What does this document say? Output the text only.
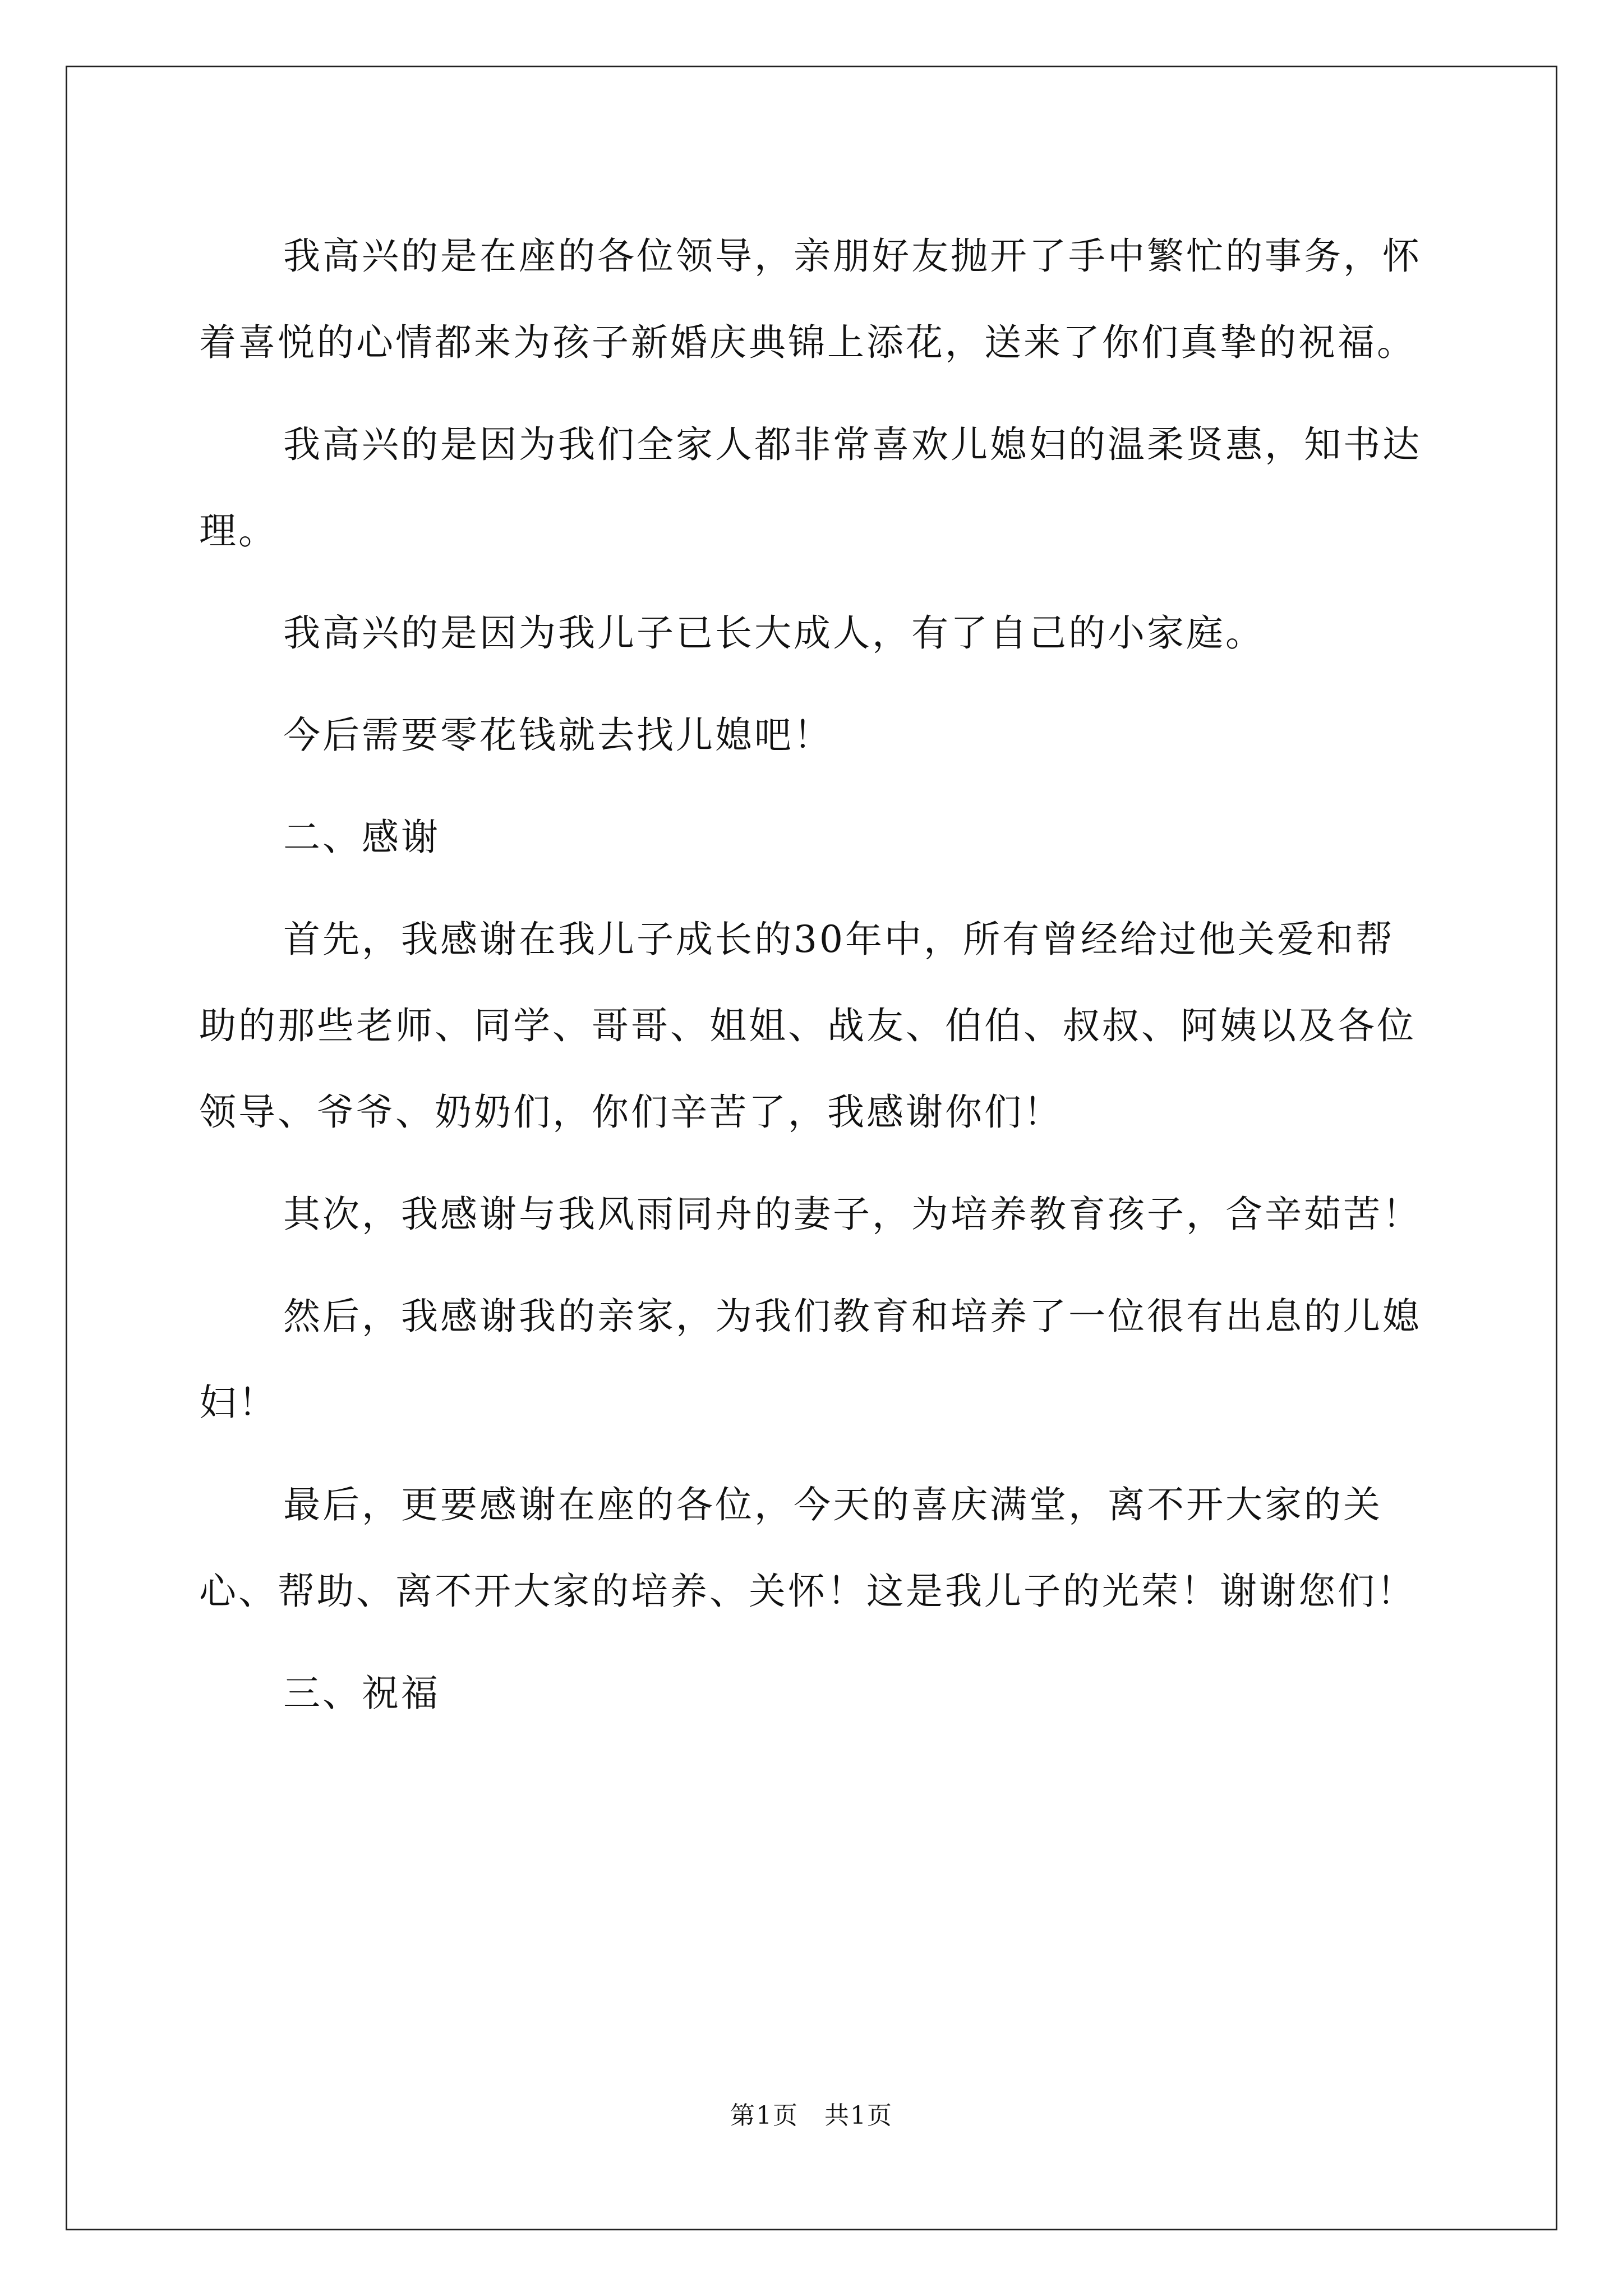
我高兴的是在座的各位领导，亲朋好友抛开了手中繁忙的事务，怀着喜悦的心情都来为孩子新婚庆典锦上添花，送来了你们真挚的祝福。

我高兴的是因为我们全家人都非常喜欢儿媳妇的温柔贤惠，知书达理。

我高兴的是因为我儿子已长大成人，有了自己的小家庭。

今后需要零花钱就去找儿媳吧！

二、感谢

首先，我感谢在我儿子成长的30年中，所有曾经给过他关爱和帮助的那些老师、同学、哥哥、姐姐、战友、伯伯、叔叔、阿姨以及各位领导、爷爷、奶奶们，你们辛苦了，我感谢你们！

其次，我感谢与我风雨同舟的妻子，为培养教育孩子，含辛茹苦！

然后，我感谢我的亲家，为我们教育和培养了一位很有出息的儿媳妇！

最后，更要感谢在座的各位，今天的喜庆满堂，离不开大家的关心、帮助、离不开大家的培养、关怀！这是我儿子的光荣！谢谢您们！

三、祝福

第1页　共1页
